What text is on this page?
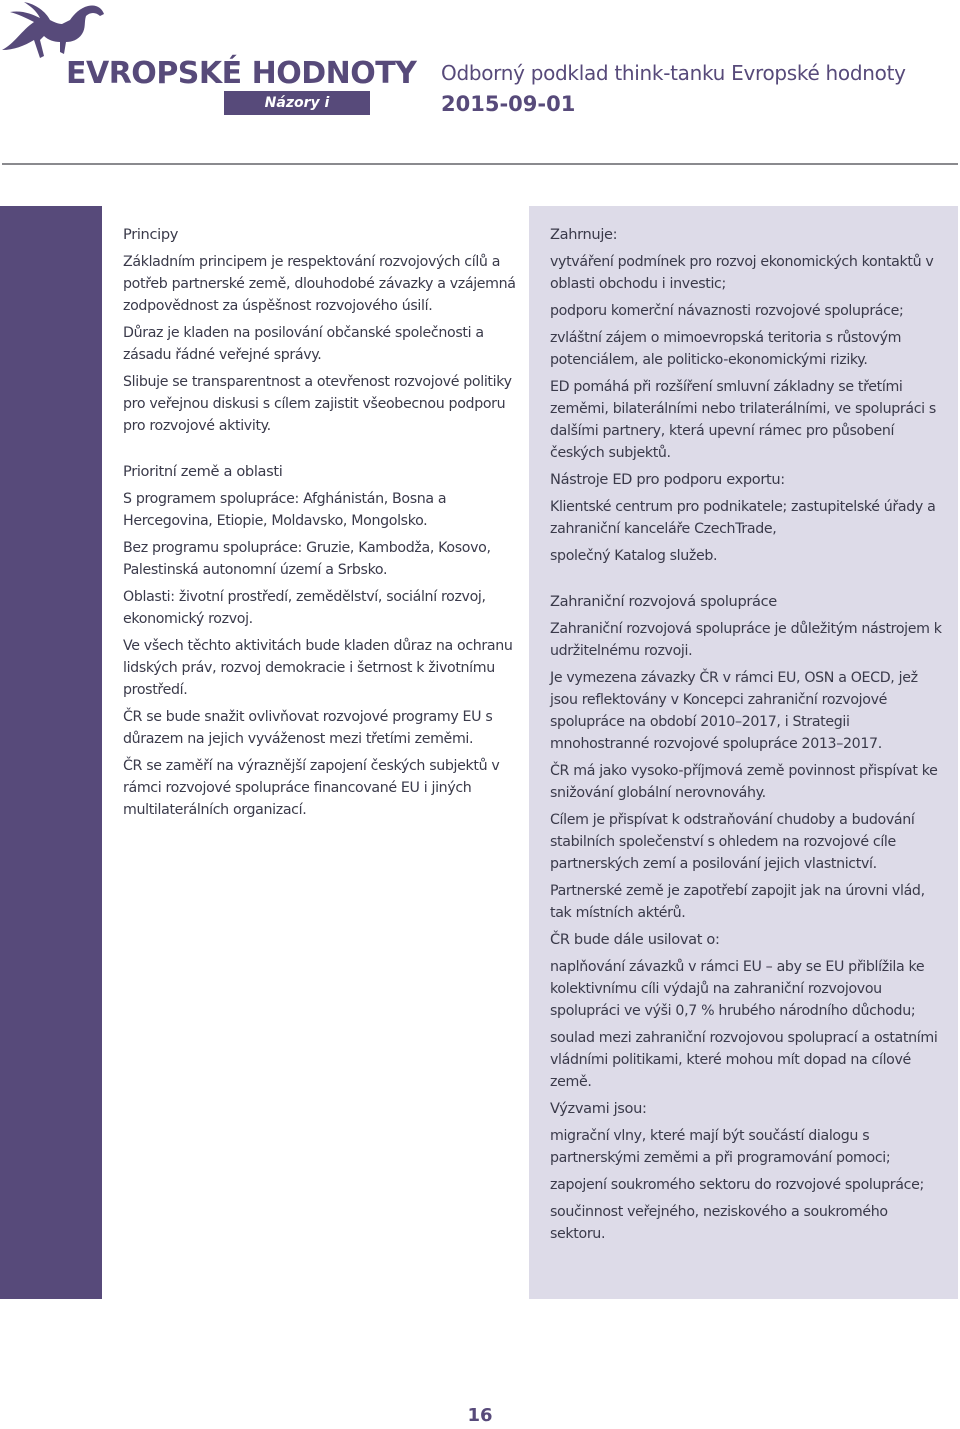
EVROPSKÉ HODNOTY
Názory i souvislosti
Odborný podklad think-tanku Evropské hodnoty
2015-09-01
Principy

Základním principem je respektování rozvojových cílů a potřeb partnerské země, dlouhodobé závazky a vzájemná zodpovědnost za úspěšnost rozvojového úsilí.

Důraz je kladen na posilování občanské společnosti a zásadu řádné veřejné správy.

Slibuje se transparentnost a otevřenost rozvojové politiky pro veřejnou diskusi s cílem zajistit všeobecnou podporu pro rozvojové aktivity.

Prioritní země a oblasti

S programem spolupráce: Afghánistán, Bosna a Hercegovina, Etiopie, Moldavsko, Mongolsko.

Bez programu spolupráce: Gruzie, Kambodža, Kosovo, Palestinská autonomní území a Srbsko.

Oblasti: životní prostředí, zemědělství, sociální rozvoj, ekonomický rozvoj.

Ve všech těchto aktivitách bude kladen důraz na ochranu lidských práv, rozvoj demokracie i šetrnost k životnímu prostředí.

ČR se bude snažit ovlivňovat rozvojové programy EU s důrazem na jejich vyváženost mezi třetími zeměmi.

ČR se zaměří na výraznější zapojení českých subjektů v rámci rozvojové spolupráce financované EU i jiných multilaterálních organizací.

Zahrnuje:

vytváření podmínek pro rozvoj ekonomických kontaktů v oblasti obchodu i investic;

podporu komerční návaznosti rozvojové spolupráce;

zvláštní zájem o mimoevropská teritoria s růstovým potenciálem, ale politicko-ekonomickými riziky.

ED pomáhá při rozšíření smluvní základny se třetími zeměmi, bilaterálními nebo trilaterálními, ve spolupráci s dalšími partnery, která upevní rámec pro působení českých subjektů.

Nástroje ED pro podporu exportu:

Klientské centrum pro podnikatele; zastupitelské úřady a zahraniční kanceláře CzechTrade,

společný Katalog služeb.

Zahraniční rozvojová spolupráce

Zahraniční rozvojová spolupráce je důležitým nástrojem k udržitelnému rozvoji.

Je vymezena závazky ČR v rámci EU, OSN a OECD, jež jsou reflektovány v Koncepci zahraniční rozvojové spolupráce na období 2010–2017, i Strategii mnohostranné rozvojové spolupráce 2013–2017.

ČR má jako vysoko-příjmová země povinnost přispívat ke snižování globální nerovnováhy.

Cílem je přispívat k odstraňování chudoby a budování stabilních společenství s ohledem na rozvojové cíle partnerských zemí a posilování jejich vlastnictví.

Partnerské země je zapotřebí zapojit jak na úrovni vlád, tak místních aktérů.

ČR bude dále usilovat o:

naplňování závazků v rámci EU – aby se EU přiblížila ke kolektivnímu cíli výdajů na zahraniční rozvojovou spolupráci ve výši 0,7 % hrubého národního důchodu;

soulad mezi zahraniční rozvojovou spoluprací a ostatními vládními politikami, které mohou mít dopad na cílové země.

Výzvami jsou:

migrační vlny, které mají být součástí dialogu s partnerskými zeměmi a při programování pomoci;

zapojení soukromého sektoru do rozvojové spolupráce;

součinnost veřejného, neziskového a soukromého sektoru.

16
